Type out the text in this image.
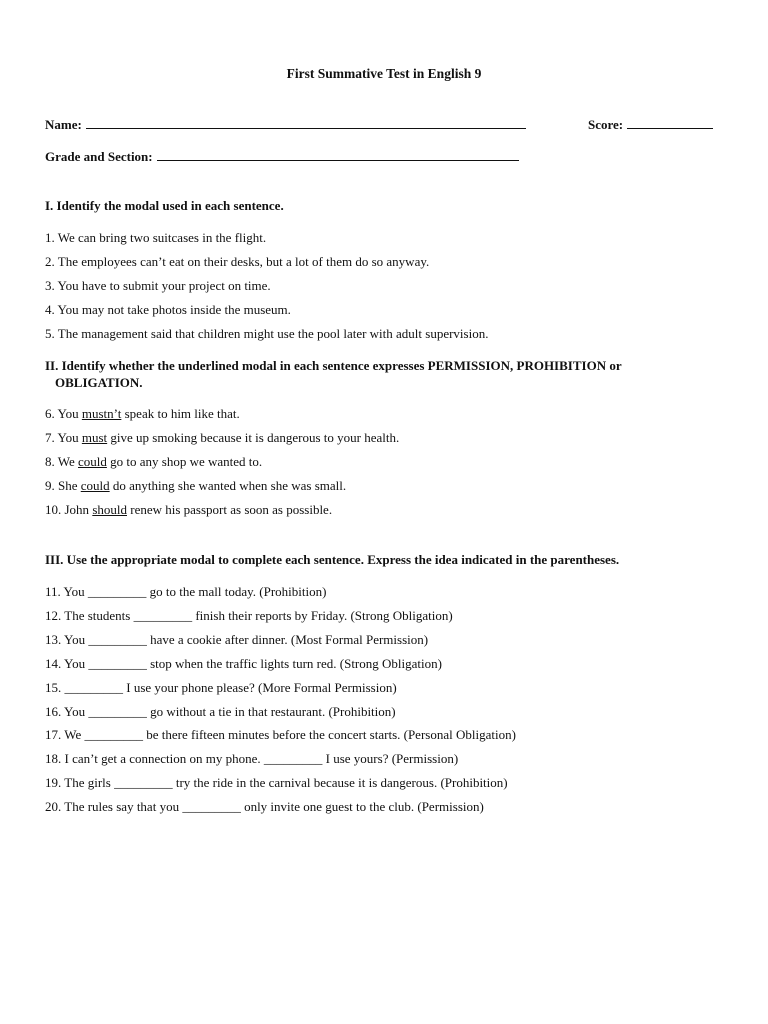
First Summative Test in English 9
Name:	Score:
Grade and Section:
I. Identify the modal used in each sentence.
1. We can bring two suitcases in the flight.
2. The employees can’t eat on their desks, but a lot of them do so anyway.
3. You have to submit your project on time.
4. You may not take photos inside the museum.
5. The management said that children might use the pool later with adult supervision.
II. Identify whether the underlined modal in each sentence expresses PERMISSION, PROHIBITION or
OBLIGATION.
6. You mustn’t speak to him like that.
7. You must give up smoking because it is dangerous to your health.
8. We could go to any shop we wanted to.
9. She could do anything she wanted when she was small.
10. John should renew his passport as soon as possible.
III. Use the appropriate modal to complete each sentence. Express the idea indicated in the parentheses.
11. You _________ go to the mall today. (Prohibition)
12. The students _________ finish their reports by Friday. (Strong Obligation)
13. You _________ have a cookie after dinner. (Most Formal Permission)
14. You _________ stop when the traffic lights turn red. (Strong Obligation)
15. _________ I use your phone please? (More Formal Permission)
16. You _________ go without a tie in that restaurant. (Prohibition)
17. We _________ be there fifteen minutes before the concert starts. (Personal Obligation)
18. I can’t get a connection on my phone. _________ I use yours? (Permission)
19. The girls _________ try the ride in the carnival because it is dangerous. (Prohibition)
20. The rules say that you _________ only invite one guest to the club. (Permission)
